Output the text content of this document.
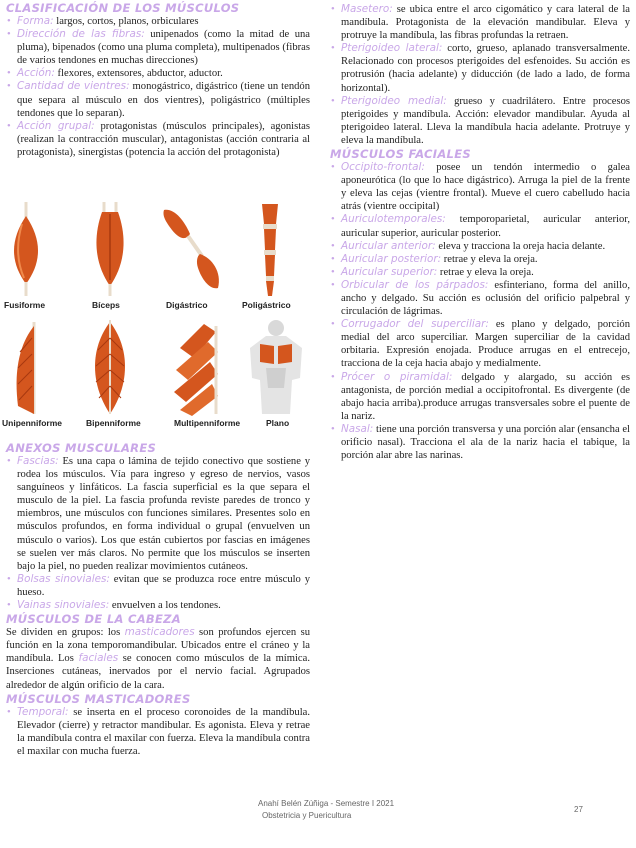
CLASIFICACIÓN DE LOS MÚSCULOS
• Forma: largos, cortos, planos, orbiculares
• Dirección de las fibras: unipenados (como la mitad de una pluma), bipenados (como una pluma completa), multipenados (fibras de varios tendones en muchas direcciones)
• Acción: flexores, extensores, abductor, aductor.
• Cantidad de vientres: monogástrico, digástrico (tiene un tendón que separa al músculo en dos vientres), poligástrico (múltiples tendones que lo separan).
• Acción grupal: protagonistas (músculos principales), agonistas (realizan la contracción muscular), antagonistas (acción contraria al protagonista), sinergistas (potencia la acción del protagonista)
Fusiforme	Bíceps	Digástrico	Poligástrico
Unipenniforme	Bipenniforme	Multipenniforme	Plano
ANEXOS MUSCULARES
• Fascias: Es una capa o lámina de tejido conectivo que sostiene y rodea los músculos. Vía para ingreso y egreso de nervios, vasos sanguíneos y linfáticos. La fascia superficial es la que separa el musculo de la piel. La fascia profunda reviste paredes de tronco y miembros, une músculos con funciones similares. Presentes solo en músculos profundos, en forma individual o grupal (envuelven un músculo o varios). Los que están cubiertos por fascias en imágenes se suelen ver más claros. No permite que los músculos se inserten bajo la piel, no pueden realizar movimientos cutáneos.
• Bolsas sinoviales: evitan que se produzca roce entre músculo y hueso.
• Vainas sinoviales: envuelven a los tendones.
MÚSCULOS DE LA CABEZA

Se dividen en grupos: los masticadores son profundos ejercen su función en la zona temporomandibular. Ubicados entre el cráneo y la mandíbula. Los faciales se conocen como músculos de la mímica. Inserciones cutáneas, inervados por el nervio facial. Agrupados alrededor de algún orificio de la cara.

MÚSCULOS MASTICADORES
• Temporal: se inserta en el proceso coronoides de la mandíbula. Elevador (cierre) y retractor mandibular. Es agonista. Eleva y retrae la mandíbula contra el maxilar con fuerza. Eleva la mandíbula contra el maxilar con mucha fuerza.
• Masetero: se ubica entre el arco cigomático y cara lateral de la mandíbula. Protagonista de la elevación mandibular. Eleva y protruye la mandíbula, las fibras profundas la retraen.
• Pterigoideo lateral: corto, grueso, aplanado transversalmente. Relacionado con procesos pterigoides del esfenoides. Su acción es protrusión (hacia adelante) y diducción (de lado a lado, de forma horizontal).
• Pterigoideo medial: grueso y cuadrilátero. Entre procesos pterigoides y mandíbula. Acción: elevador mandibular. Ayuda al pterigoideo lateral. Lleva la mandíbula hacia adelante. Protruye y eleva la mandíbula.
MÚSCULOS FACIALES
• Occipito-frontal: posee un tendón intermedio o galea aponeurótica (lo que lo hace digástrico). Arruga la piel de la frente y eleva las cejas (vientre frontal). Mueve el cuero cabelludo hacia atrás (vientre occipital)
• Auriculotemporales: temporoparietal, auricular anterior, auricular superior, auricular posterior.
• Auricular anterior: eleva y tracciona la oreja hacia delante.
• Auricular posterior: retrae y eleva la oreja.
• Auricular superior: retrae y eleva la oreja.
• Orbicular de los párpados: esfinteriano, forma del anillo, ancho y delgado. Su acción es oclusión del orificio palpebral y circulación de lágrimas.
• Corrugador del superciliar: es plano y delgado, porción medial del arco superciliar. Margen superciliar de la cavidad orbitaria. Expresión enojada. Produce arrugas en el entrecejo, tracciona de la ceja hacia abajo y medialmente.
• Prócer o piramidal: delgado y alargado, su acción es antagonista, de porción medial a occipitofrontal. Es divergente (de abajo hacia arriba).produce arrugas transversales sobre el puente de la nariz.
• Nasal: tiene una porción transversa y una porción alar (ensancha el orificio nasal). Tracciona el ala de la nariz hacia el tabique, la porción alar abre las narinas.
Anahí Belén Zúñiga - Semestre I 2021
Obstetricia y Puericultura
27
